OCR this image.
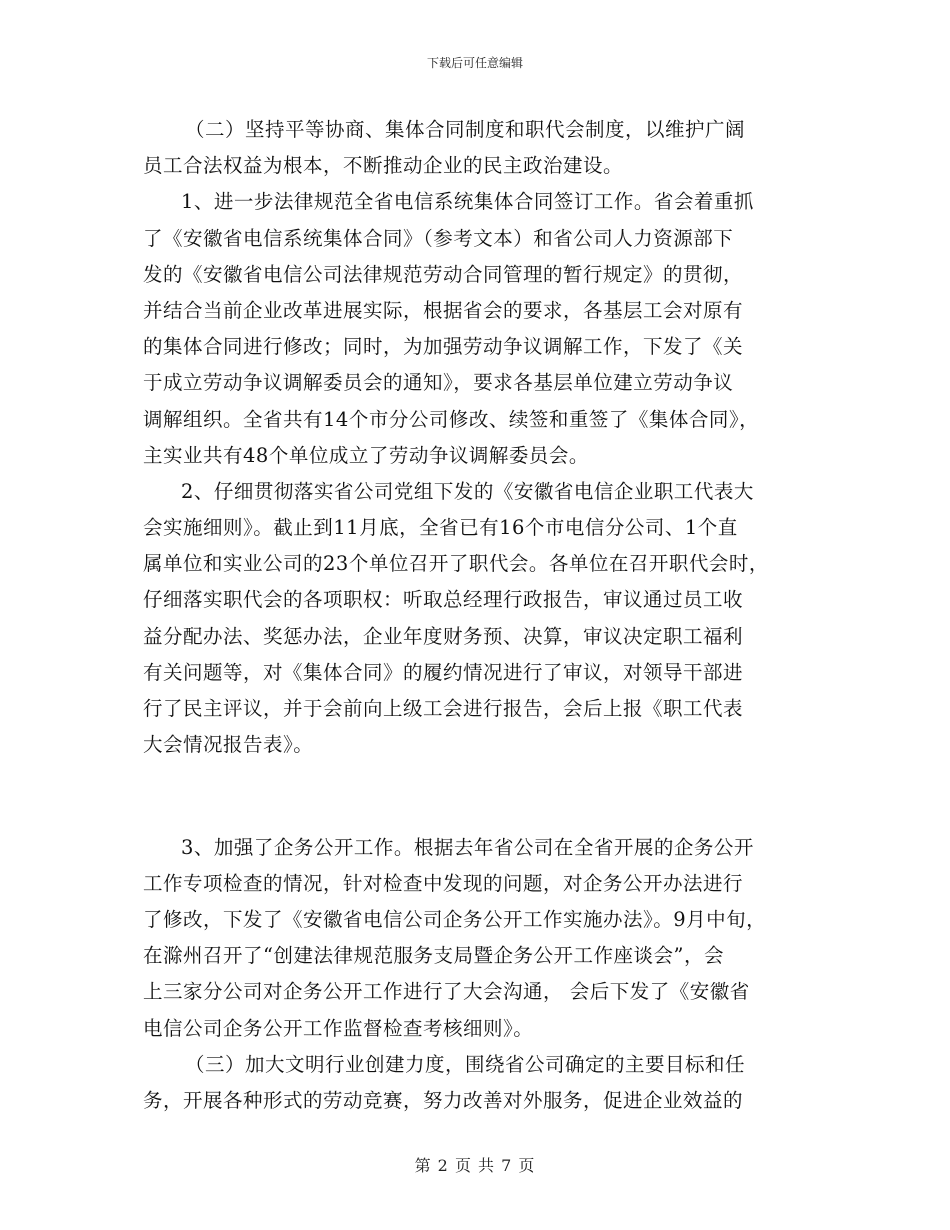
下载后可任意编辑
（二）坚持平等协商、集体合同制度和职代会制度，以维护广阔
员工合法权益为根本，不断推动企业的民主政治建设。
1、进一步法律规范全省电信系统集体合同签订工作。省会着重抓
了《安徽省电信系统集体合同》（参考文本）和省公司人力资源部下
发的《安徽省电信公司法律规范劳动合同管理的暂行规定》的贯彻，
并结合当前企业改革进展实际，根据省会的要求，各基层工会对原有
的集体合同进行修改；同时，为加强劳动争议调解工作，下发了《关
于成立劳动争议调解委员会的通知》，要求各基层单位建立劳动争议
调解组织。全省共有14个市分公司修改、续签和重签了《集体合同》，
主实业共有48个单位成立了劳动争议调解委员会。
2、仔细贯彻落实省公司党组下发的《安徽省电信企业职工代表大
会实施细则》。截止到11月底，全省已有16个市电信分公司、1个直
属单位和实业公司的23个单位召开了职代会。各单位在召开职代会时，
仔细落实职代会的各项职权：听取总经理行政报告，审议通过员工收
益分配办法、奖惩办法，企业年度财务预、决算，审议决定职工福利
有关问题等，对《集体合同》的履约情况进行了审议，对领导干部进
行了民主评议，并于会前向上级工会进行报告，会后上报《职工代表
大会情况报告表》。
3、加强了企务公开工作。根据去年省公司在全省开展的企务公开
工作专项检查的情况，针对检查中发现的问题，对企务公开办法进行
了修改，下发了《安徽省电信公司企务公开工作实施办法》。9月中旬，
在滁州召开了“创建法律规范服务支局暨企务公开工作座谈会”，会
上三家分公司对企务公开工作进行了大会沟通， 会后下发了《安徽省
电信公司企务公开工作监督检查考核细则》。
（三）加大文明行业创建力度，围绕省公司确定的主要目标和任
务，开展各种形式的劳动竞赛，努力改善对外服务，促进企业效益的
第 2 页 共 7 页
